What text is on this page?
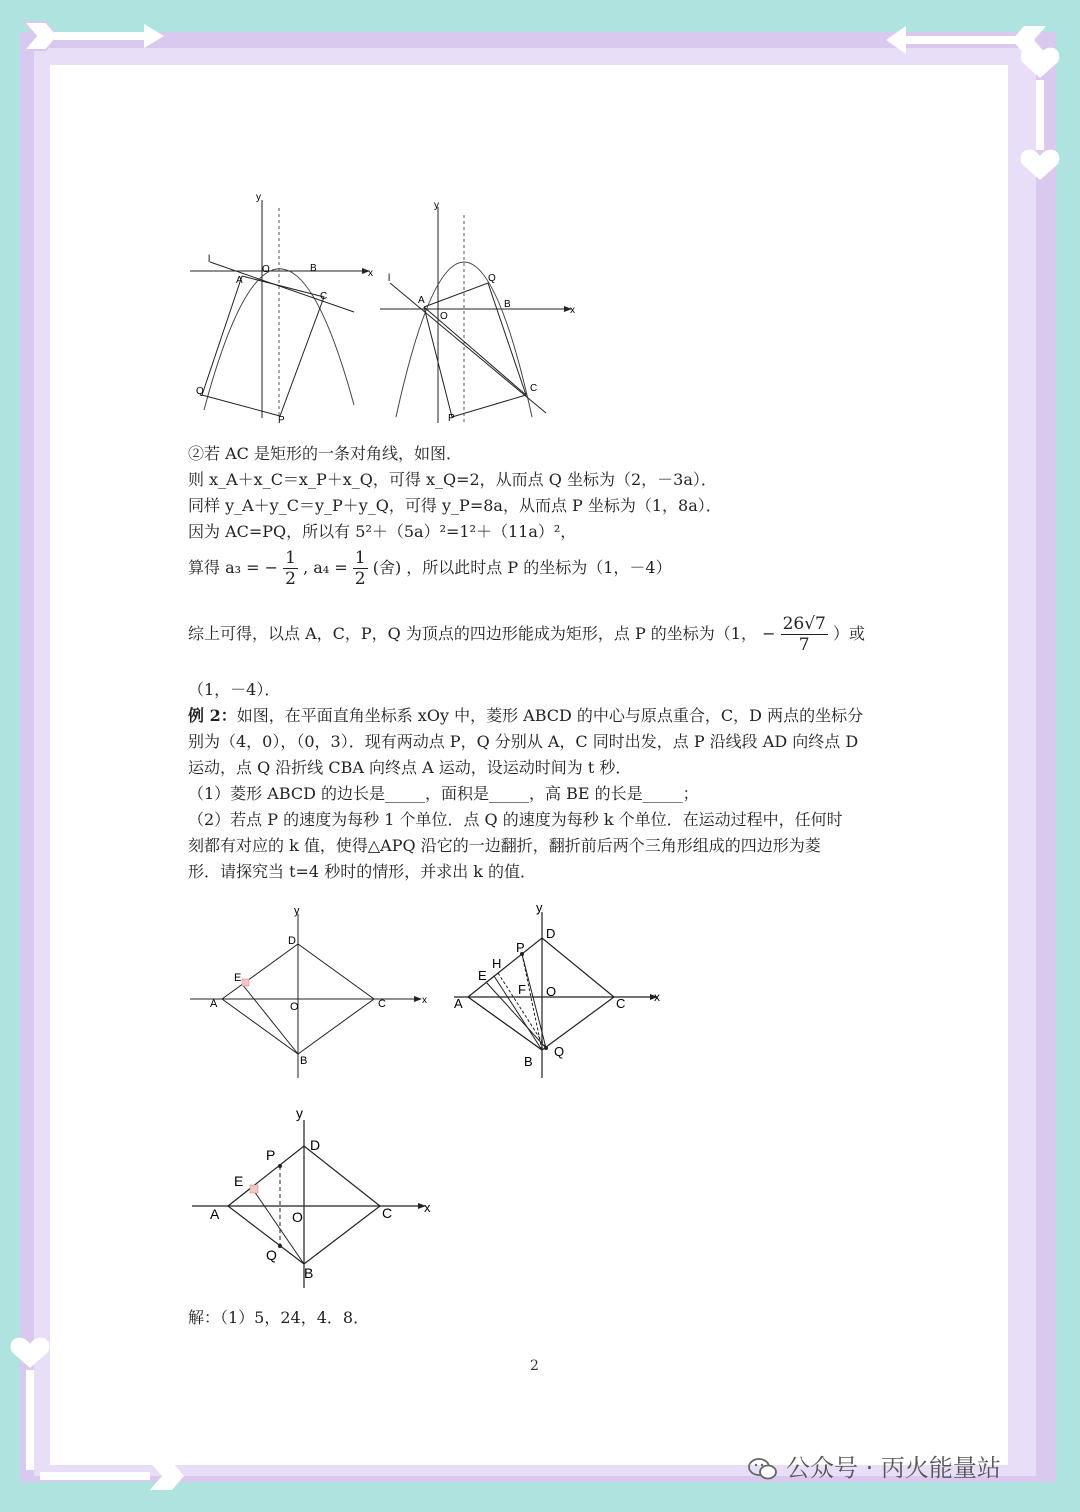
y
x
l
O
A
B
C
Q
P
y
x
l
O
A	B
C
Q
P
②若 AC 是矩形的一条对角线，如图．
则 x_A＋x_C＝x_P＋x_Q，可得 x_Q=2，从而点 Q 坐标为（2，－3a）．
同样 y_A＋y_C＝y_P＋y_Q，可得 y_P=8a，从而点 P 坐标为（1，8a）．
因为 AC=PQ，所以有 5²＋（5a）²=1²＋（11a）²，
算得 a₃ = − $\frac{1}{2}$ , $a_4 = \frac{1}{2}$ (舍) ，所以此时点 P 的坐标为（1，－4）
综上可得，以点 A，C，P，Q 为顶点的四边形能成为矩形，点 P 的坐标为（1， − $\frac{26√7}{7}$ ）或
（1，－4）．
例 2：如图，在平面直角坐标系 xOy 中，菱形 ABCD 的中心与原点重合，C，D 两点的坐标分
别为（4，0），（0，3）．现有两动点 P，Q 分别从 A，C 同时出发，点 P 沿线段 AD 向终点 D
运动，点 Q 沿折线 CBA 向终点 A 运动，设运动时间为 t 秒．
（1）菱形 ABCD 的边长是_____，面积是_____，高 BE 的长是_____；
（2）若点 P 的速度为每秒 1 个单位．点 Q 的速度为每秒 k 个单位．在运动过程中，任何时
刻都有对应的 k 值，使得△APQ 沿它的一边翻折，翻折前后两个三角形组成的四边形为菱
形．请探究当 t=4 秒时的情形，并求出 k 的值．
y
x
D
E
A	O	C
B
y
x
D
P
H
E
F
A
O
C
B
Q
y
x
D
P
E
A	O	C
Q
B
解：（1）5，24，4．8．
2
公众号 · 丙火能量站
